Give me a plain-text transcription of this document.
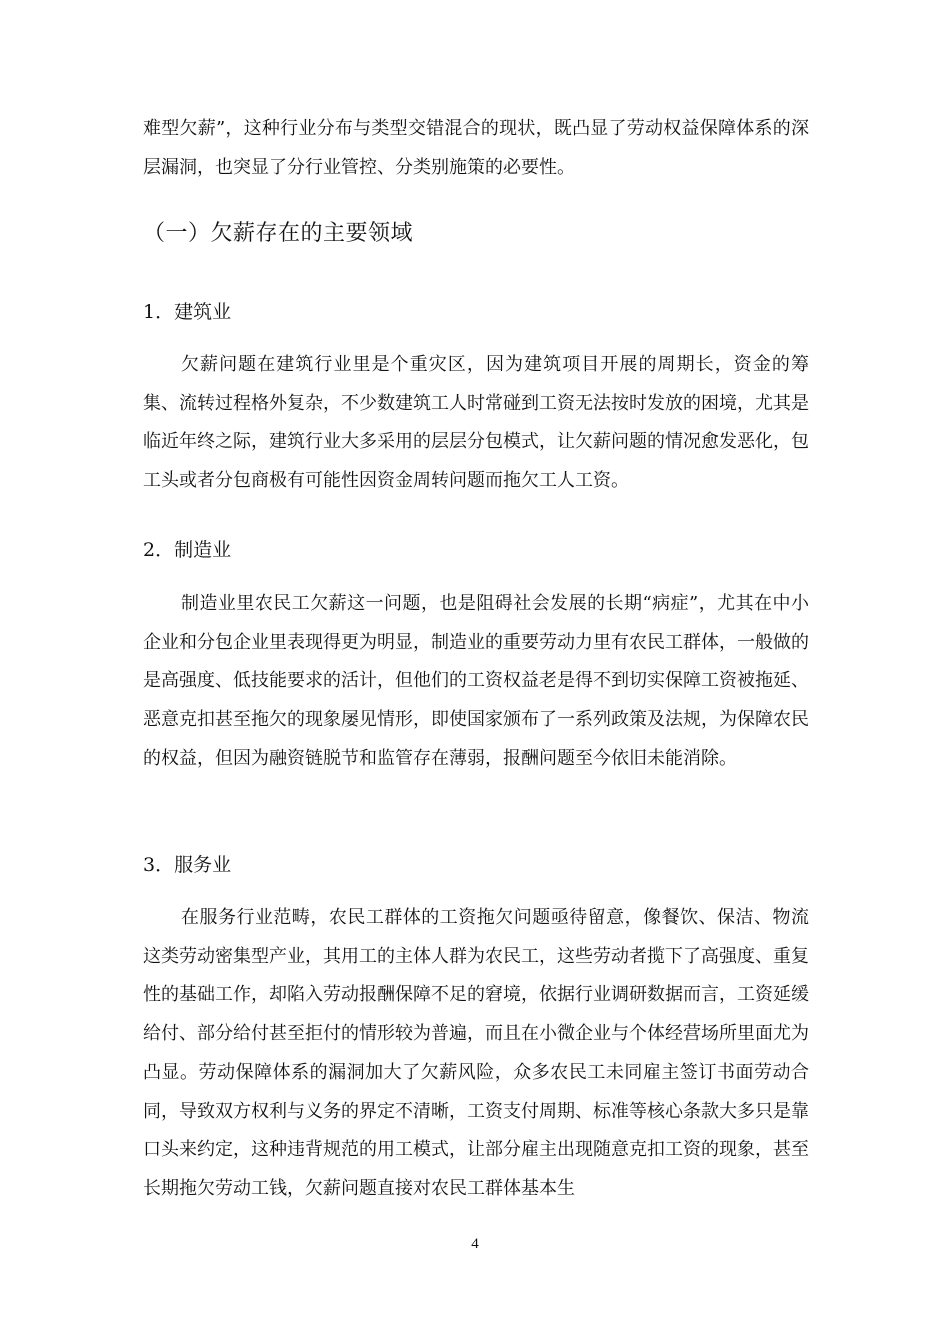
难型欠薪”，这种行业分布与类型交错混合的现状，既凸显了劳动权益保障体系的深层漏洞，也突显了分行业管控、分类别施策的必要性。

（一）欠薪存在的主要领域
1．建筑业

欠薪问题在建筑行业里是个重灾区，因为建筑项目开展的周期长，资金的筹集、流转过程格外复杂，不少数建筑工人时常碰到工资无法按时发放的困境，尤其是临近年终之际，建筑行业大多采用的层层分包模式，让欠薪问题的情况愈发恶化，包工头或者分包商极有可能性因资金周转问题而拖欠工人工资。

2．制造业

制造业里农民工欠薪这一问题，也是阻碍社会发展的长期“病症”，尤其在中小企业和分包企业里表现得更为明显，制造业的重要劳动力里有农民工群体，一般做的是高强度、低技能要求的活计，但他们的工资权益老是得不到切实保障工资被拖延、恶意克扣甚至拖欠的现象屡见情形，即使国家颁布了一系列政策及法规，为保障农民的权益，但因为融资链脱节和监管存在薄弱，报酬问题至今依旧未能消除。

3．服务业

在服务行业范畴，农民工群体的工资拖欠问题亟待留意，像餐饮、保洁、物流这类劳动密集型产业，其用工的主体人群为农民工，这些劳动者揽下了高强度、重复性的基础工作，却陷入劳动报酬保障不足的窘境，依据行业调研数据而言，工资延缓给付、部分给付甚至拒付的情形较为普遍，而且在小微企业与个体经营场所里面尤为凸显。劳动保障体系的漏洞加大了欠薪风险，众多农民工未同雇主签订书面劳动合同，导致双方权利与义务的界定不清晰，工资支付周期、标准等核心条款大多只是靠口头来约定，这种违背规范的用工模式，让部分雇主出现随意克扣工资的现象，甚至长期拖欠劳动工钱，欠薪问题直接对农民工群体基本生

4
